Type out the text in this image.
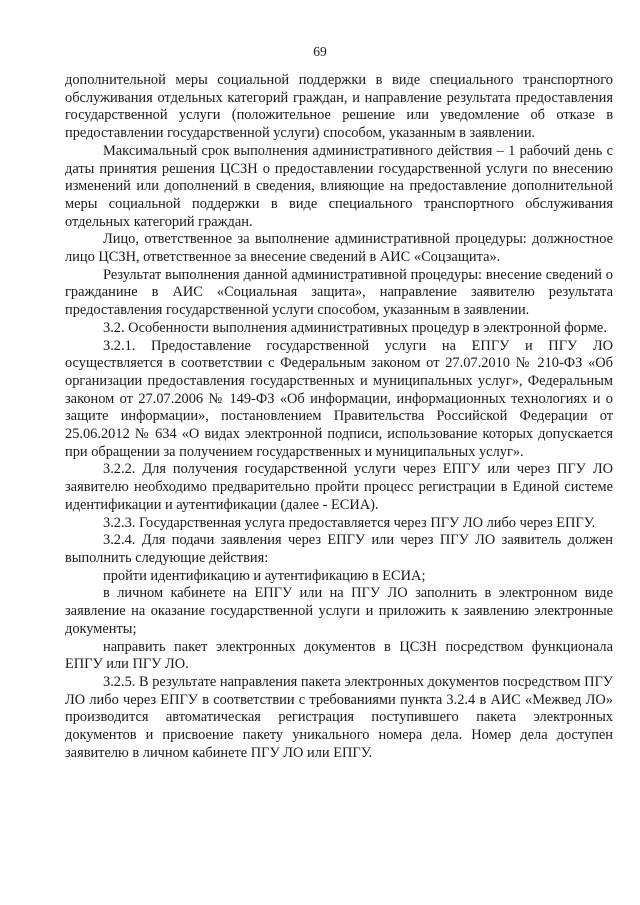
69

дополнительной меры социальной поддержки в виде специального транспортного обслуживания отдельных категорий граждан, и направление результата предоставления государственной услуги (положительное решение или уведомление об отказе в предоставлении государственной услуги) способом, указанным в заявлении.

Максимальный срок выполнения административного действия – 1 рабочий день с даты принятия решения ЦСЗН о предоставлении государственной услуги по внесению изменений или дополнений в сведения, влияющие на предоставление дополнительной меры социальной поддержки в виде специального транспортного обслуживания отдельных категорий граждан.

Лицо, ответственное за выполнение административной процедуры: должностное лицо ЦСЗН, ответственное за внесение сведений в АИС «Соцзащита».

Результат выполнения данной административной процедуры: внесение сведений о гражданине в АИС «Социальная защита», направление заявителю результата предоставления государственной услуги способом, указанным в заявлении.

3.2. Особенности выполнения административных процедур в электронной форме.

3.2.1. Предоставление государственной услуги на ЕПГУ и ПГУ ЛО осуществляется в соответствии с Федеральным законом от 27.07.2010 № 210-ФЗ «Об организации предоставления государственных и муниципальных услуг», Федеральным законом от 27.07.2006 № 149-ФЗ «Об информации, информационных технологиях и о защите информации», постановлением Правительства Российской Федерации от 25.06.2012 № 634 «О видах электронной подписи, использование которых допускается при обращении за получением государственных и муниципальных услуг».

3.2.2. Для получения государственной услуги через ЕПГУ или через ПГУ ЛО заявителю необходимо предварительно пройти процесс регистрации в Единой системе идентификации и аутентификации (далее - ЕСИА).

3.2.3. Государственная услуга предоставляется через ПГУ ЛО либо через ЕПГУ.

3.2.4. Для подачи заявления через ЕПГУ или через ПГУ ЛО заявитель должен выполнить следующие действия:

пройти идентификацию и аутентификацию в ЕСИА;

в личном кабинете на ЕПГУ или на ПГУ ЛО заполнить в электронном виде заявление на оказание государственной услуги и приложить к заявлению электронные документы;

направить пакет электронных документов в ЦСЗН посредством функционала ЕПГУ или ПГУ ЛО.

3.2.5. В результате направления пакета электронных документов посредством ПГУ ЛО либо через ЕПГУ в соответствии с требованиями пункта 3.2.4 в АИС «Межвед ЛО» производится автоматическая регистрация поступившего пакета электронных документов и присвоение пакету уникального номера дела. Номер дела доступен заявителю в личном кабинете ПГУ ЛО или ЕПГУ.
